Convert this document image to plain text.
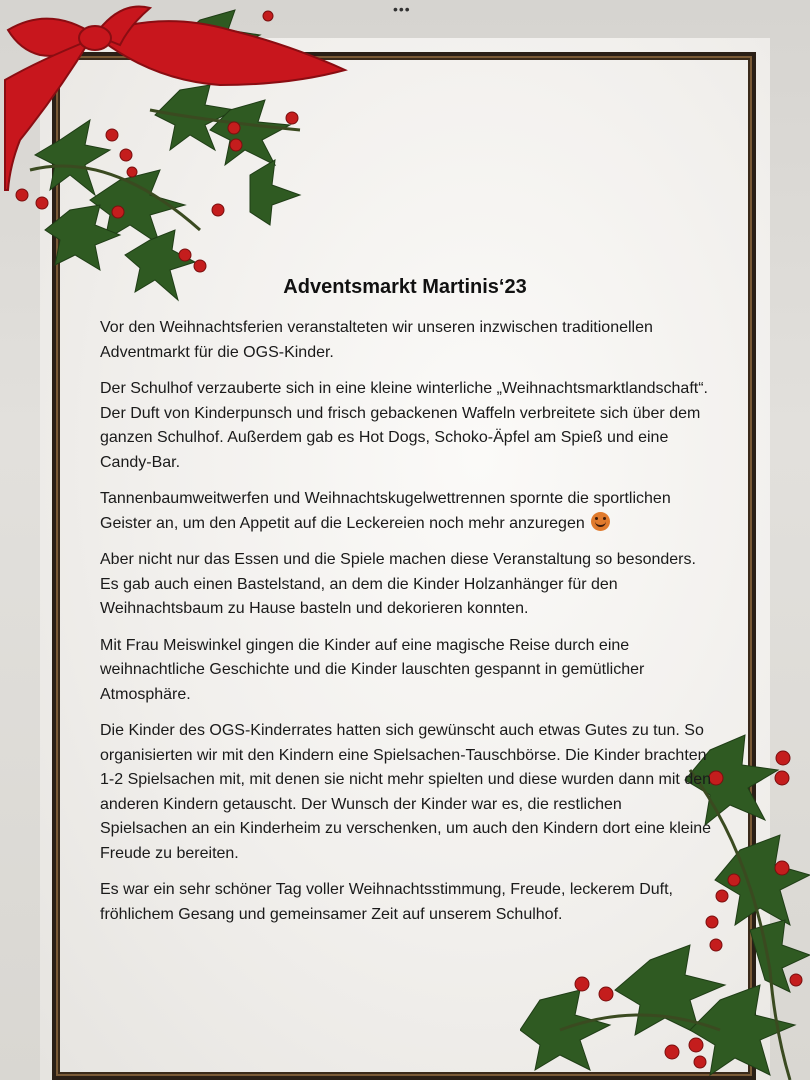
•••
Adventsmarkt Martinis‘23

Vor den Weihnachtsferien veranstalteten wir unseren inzwischen traditionellen Adventmarkt für die OGS-Kinder.

Der Schulhof verzauberte sich in eine kleine winterliche „Weihnachtsmarktlandschaft“. Der Duft von Kinderpunsch und frisch gebackenen Waffeln verbreitete sich über dem ganzen Schulhof. Außerdem gab es Hot Dogs, Schoko-Äpfel am Spieß und eine Candy-Bar.

Tannenbaumweitwerfen und Weihnachtskugelwettrennen spornte die sportlichen Geister an, um den Appetit auf die Leckereien noch mehr anzuregen

Aber nicht nur das Essen und die Spiele machen diese Veranstaltung so besonders. Es gab auch einen Bastelstand, an dem die Kinder Holzanhänger für den Weihnachtsbaum zu Hause basteln und dekorieren konnten.

Mit Frau Meiswinkel gingen die Kinder auf eine magische Reise durch eine weihnachtliche Geschichte und die Kinder lauschten gespannt in gemütlicher Atmosphäre.

Die Kinder des OGS-Kinderrates hatten sich gewünscht auch etwas Gutes zu tun. So organisierten wir mit den Kindern eine Spielsachen-Tauschbörse. Die Kinder brachten 1-2 Spielsachen mit, mit denen sie nicht mehr spielten und diese wurden dann mit den anderen Kindern getauscht. Der Wunsch der Kinder war es, die restlichen Spielsachen an ein Kinderheim zu verschenken, um auch den Kindern dort eine kleine Freude zu bereiten.

Es war ein sehr schöner Tag voller Weihnachtsstimmung, Freude, leckerem Duft, fröhlichem Gesang und gemeinsamer Zeit auf unserem Schulhof.
